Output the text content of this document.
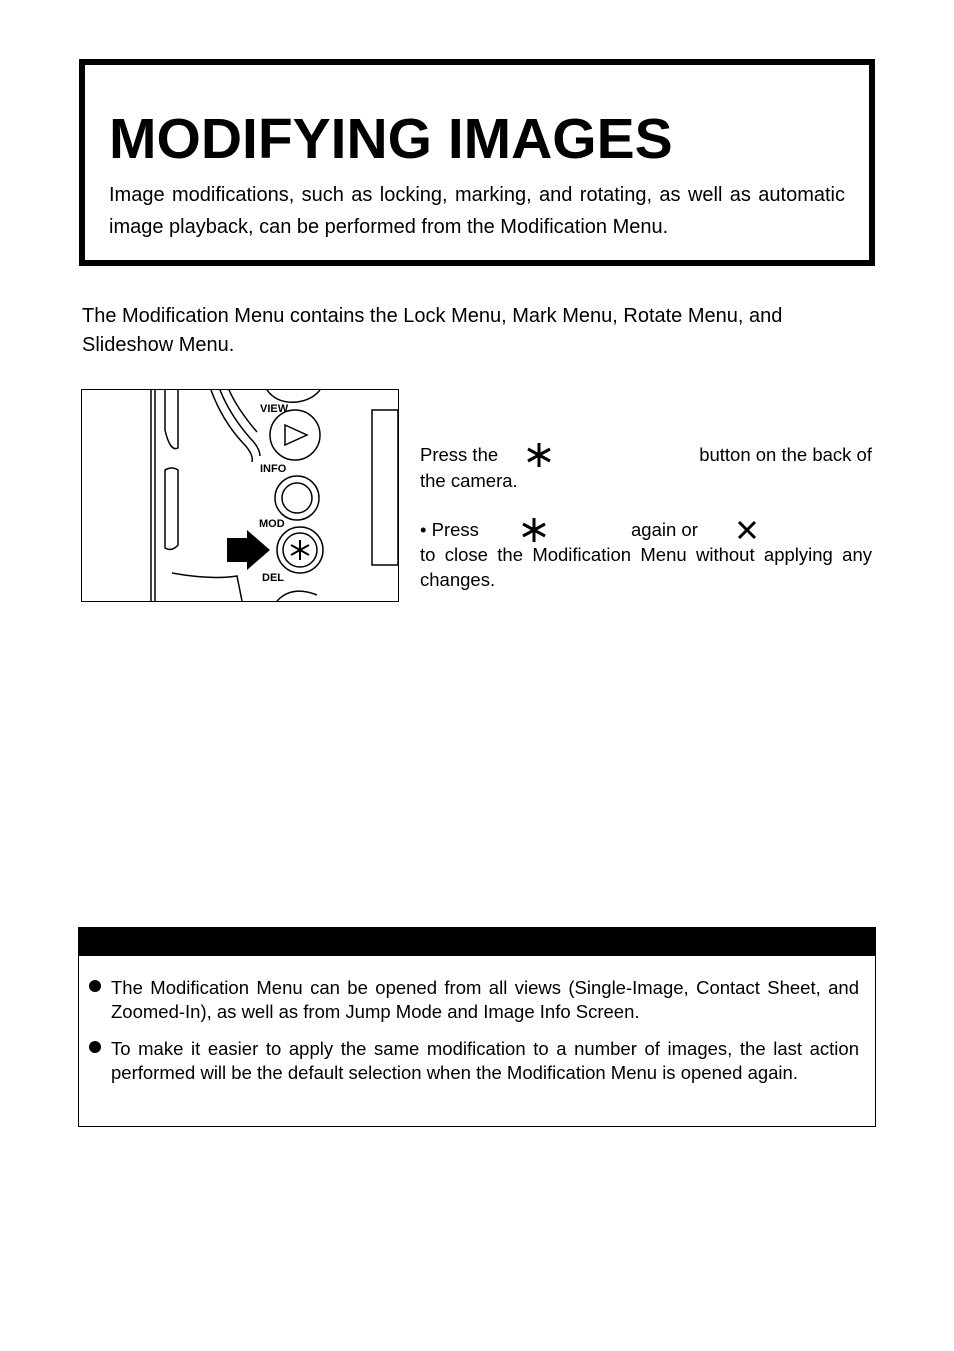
MODIFYING IMAGES

Image modifications, such as locking, marking, and rotating, as well as automatic image playback, can be performed from the Modification Menu.

The Modification Menu contains the Lock Menu, Mark Menu, Rotate Menu, and Slideshow Menu.

VIEW
INFO
MOD
DEL
Press the	button on the back of
the camera.
• Press	again or
to close the Modification Menu without applying any changes.
The Modification Menu can be opened from all views (Single-Image, Contact Sheet, and Zoomed-In), as well as from Jump Mode and Image Info Screen.
To make it easier to apply the same modification to a number of images, the last action performed will be the default selection when the Modification Menu is opened again.
